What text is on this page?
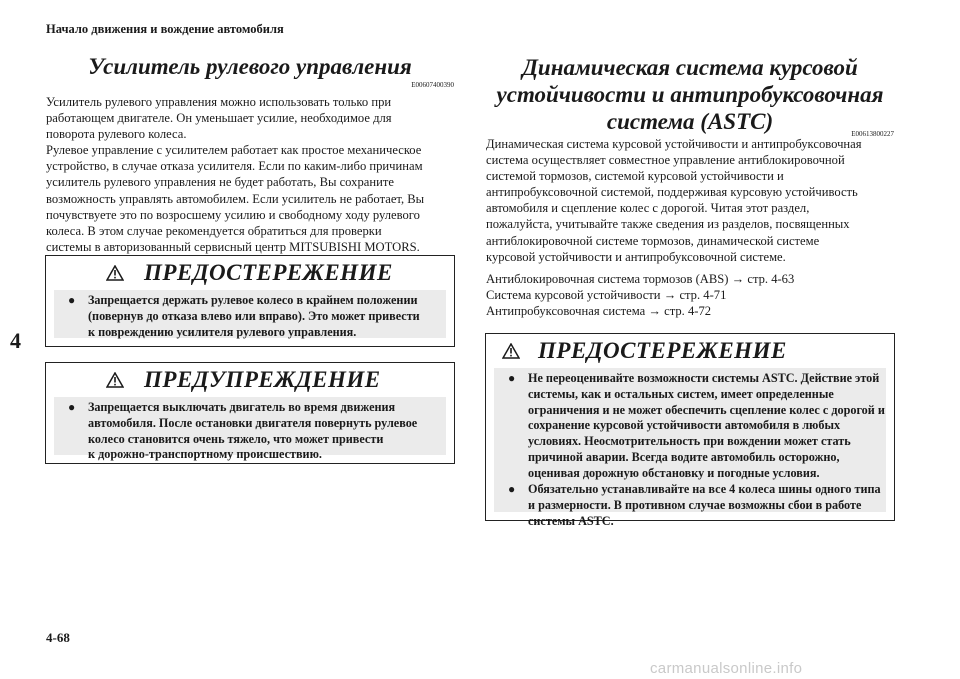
Начало движения и вождение автомобиля
4
4-68
carmanualsonline.info
Усилитель рулевого управления
E00607400390

Усилитель рулевого управления можно использовать только при
работающем двигателе. Он уменьшает усилие, необходимое для
поворота рулевого колеса.

Рулевое управление с усилителем работает как простое механическое
устройство, в случае отказа усилителя. Если по каким-либо причинам
усилитель рулевого управления не будет работать, Вы сохраните
возможность управлять автомобилем. Если усилитель не работает, Вы
почувствуете это по возросшему усилию и свободному ходу рулевого
колеса. В этом случае рекомендуется обратиться для проверки
системы в авторизованный сервисный центр MITSUBISHI MOTORS.

ПРЕДОСТЕРЕЖЕНИЕ
● Запрещается держать рулевое колесо в крайнем положении
(повернув до отказа влево или вправо). Это может привести
к повреждению усилителя рулевого управления.
ПРЕДУПРЕЖДЕНИЕ
● Запрещается выключать двигатель во время движения
автомобиля. После остановки двигателя повернуть рулевое
колесо становится очень тяжело, что может привести
к дорожно-транспортному происшествию.
Динамическая система курсовой
устойчивости и антипробуксовочная
система (ASTC)	E00613800227

Динамическая система курсовой устойчивости и антипробуксовочная
система осуществляет совместное управление антиблокировочной
системой тормозов, системой курсовой устойчивости и
антипробуксовочной системой, поддерживая курсовую устойчивость
автомобиля и сцепление колес с дорогой. Читая этот раздел,
пожалуйста, учитывайте также сведения из разделов, посвященных
антиблокировочной системе тормозов, динамической системе
курсовой устойчивости и антипробуксовочной системе.

Антиблокировочная система тормозов (ABS) → стр. 4-63
Система курсовой устойчивости → стр. 4-71
Антипробуксовочная система → стр. 4-72
ПРЕДОСТЕРЕЖЕНИЕ
● Не переоценивайте возможности системы ASTC. Действие этой
системы, как и остальных систем, имеет определенные
ограничения и не может обеспечить сцепление колес с дорогой и
сохранение курсовой устойчивости автомобиля в любых
условиях. Неосмотрительность при вождении может стать
причиной аварии. Всегда водите автомобиль осторожно,
оценивая дорожную обстановку и погодные условия.
● Обязательно устанавливайте на все 4 колеса шины одного типа
и размерности. В противном случае возможны сбои в работе
системы ASTC.
